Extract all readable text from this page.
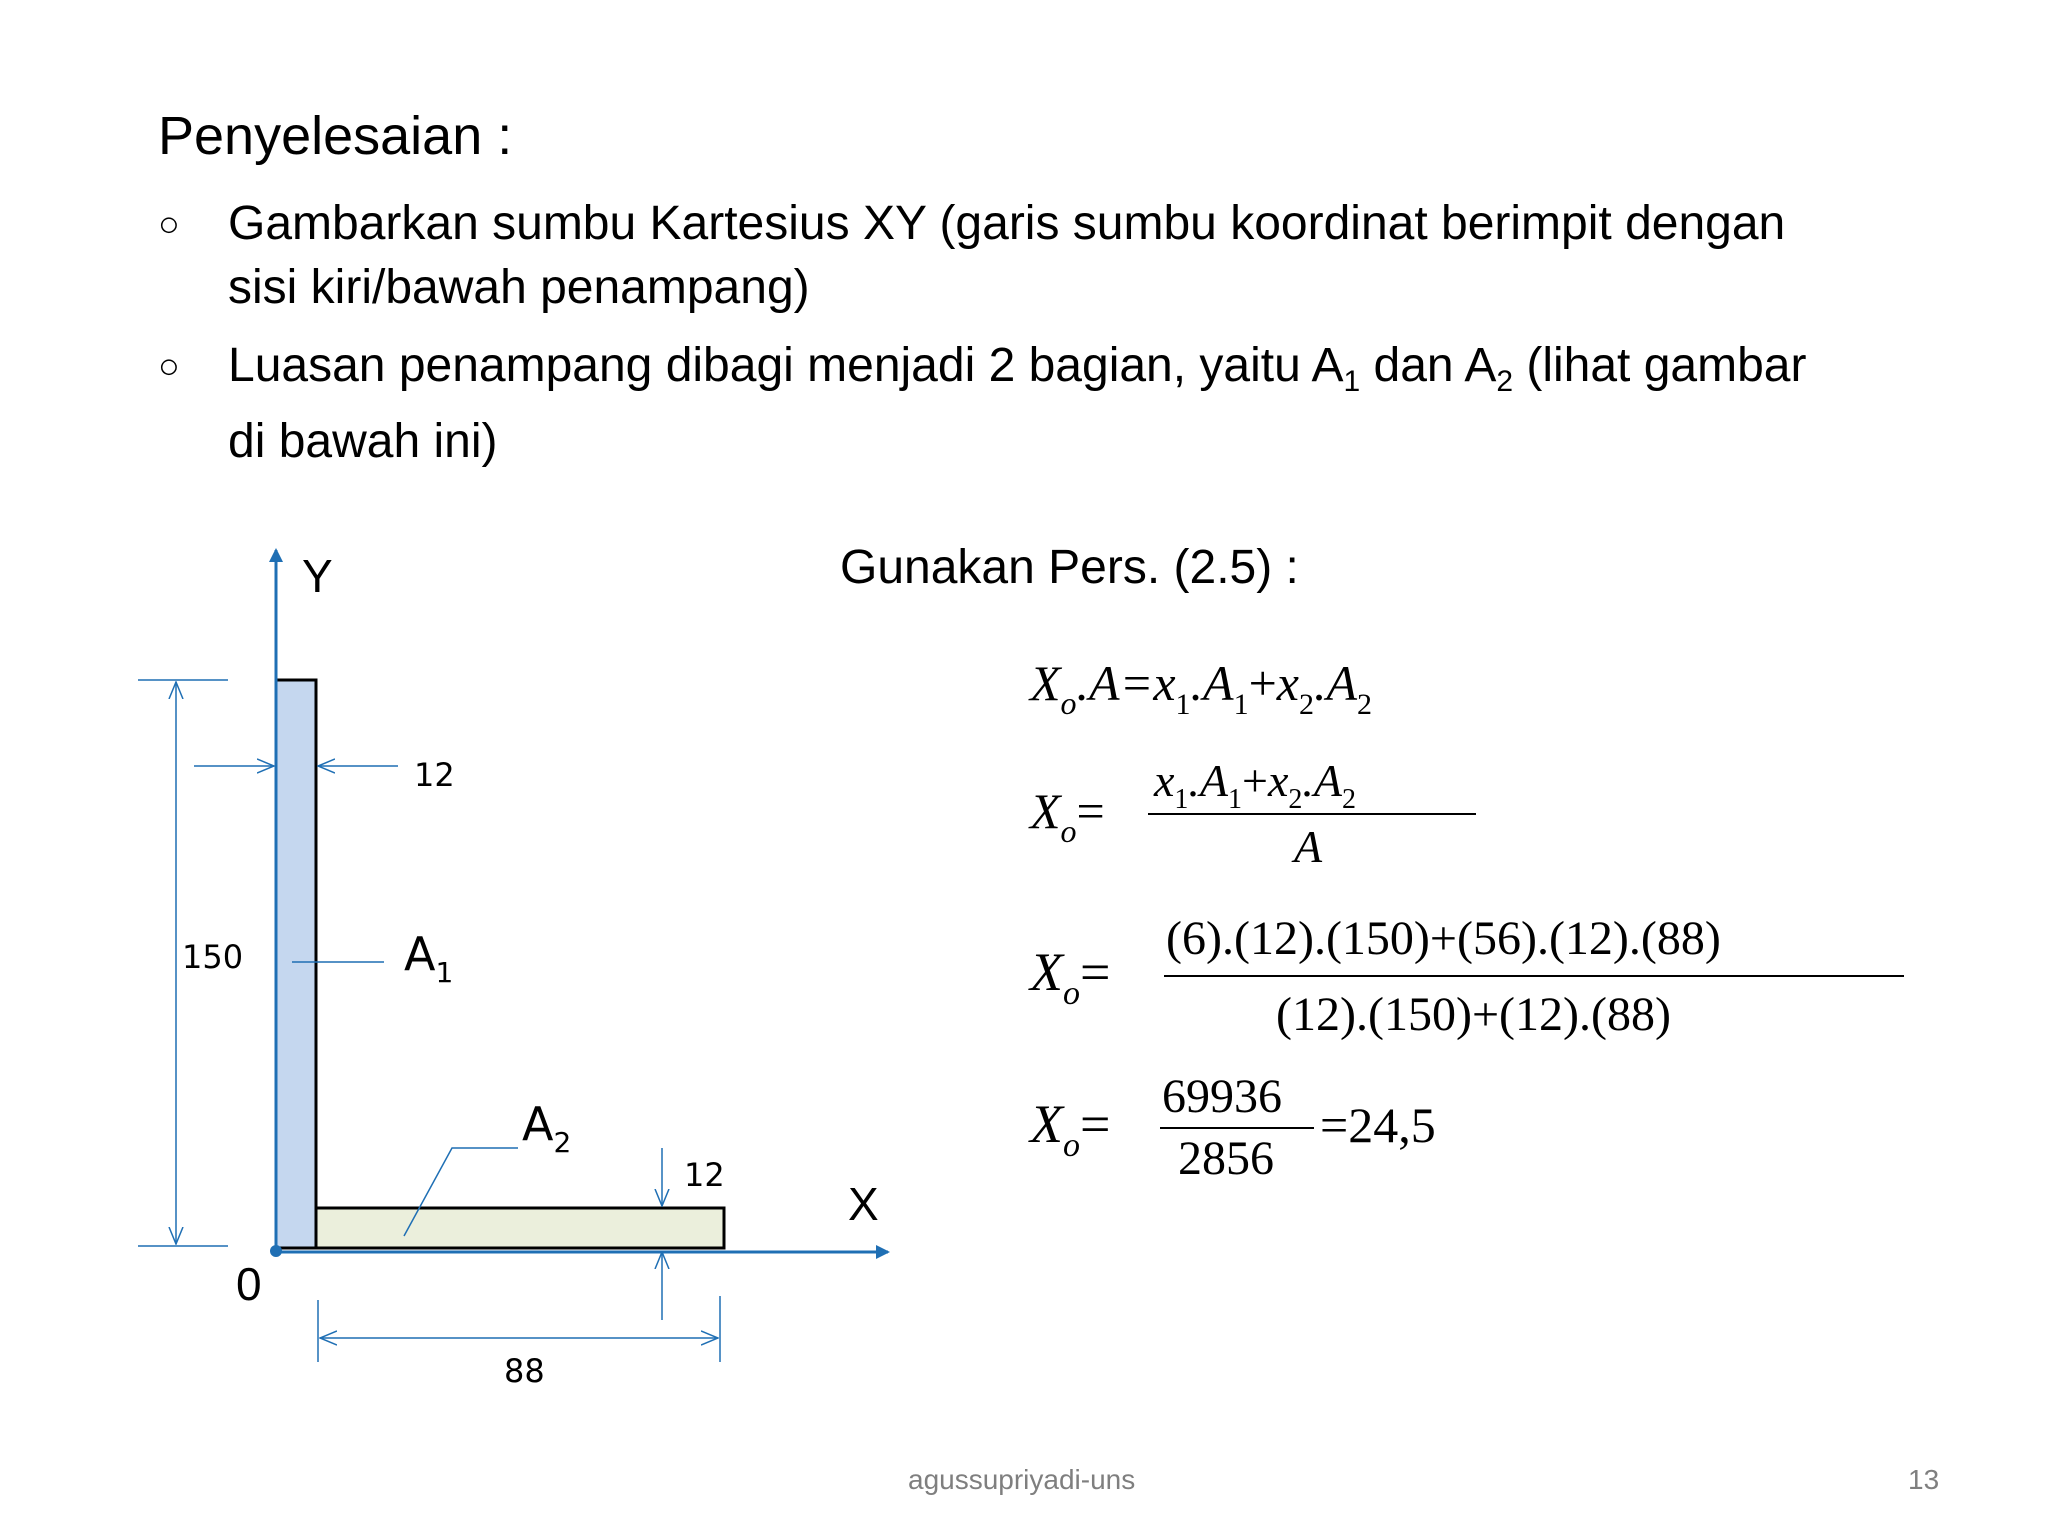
Penyelesaian :
○ Gambarkan sumbu Kartesius XY (garis sumbu koordinat berimpit dengan
sisi kiri/bawah penampang)
○ Luasan penampang dibagi menjadi 2 bagian, yaitu $A_1$ dan $A_2$ (lihat gambar
di bawah ini)
Gunakan Pers. (2.5) :
Y
X
0
150
12
12
88
$A_1$
$A_2$
$X_o.A=x_1.A_1+x_2.A_2$
$X_o=$
$x_1.A_1+x_2.A_2$
A
$X_o=$
(6).(12).(150)+(56).(12).(88)
(12).(150)+(12).(88)
$X_o= 69936$
2856
=24,5
agussupriyadi-uns	13
